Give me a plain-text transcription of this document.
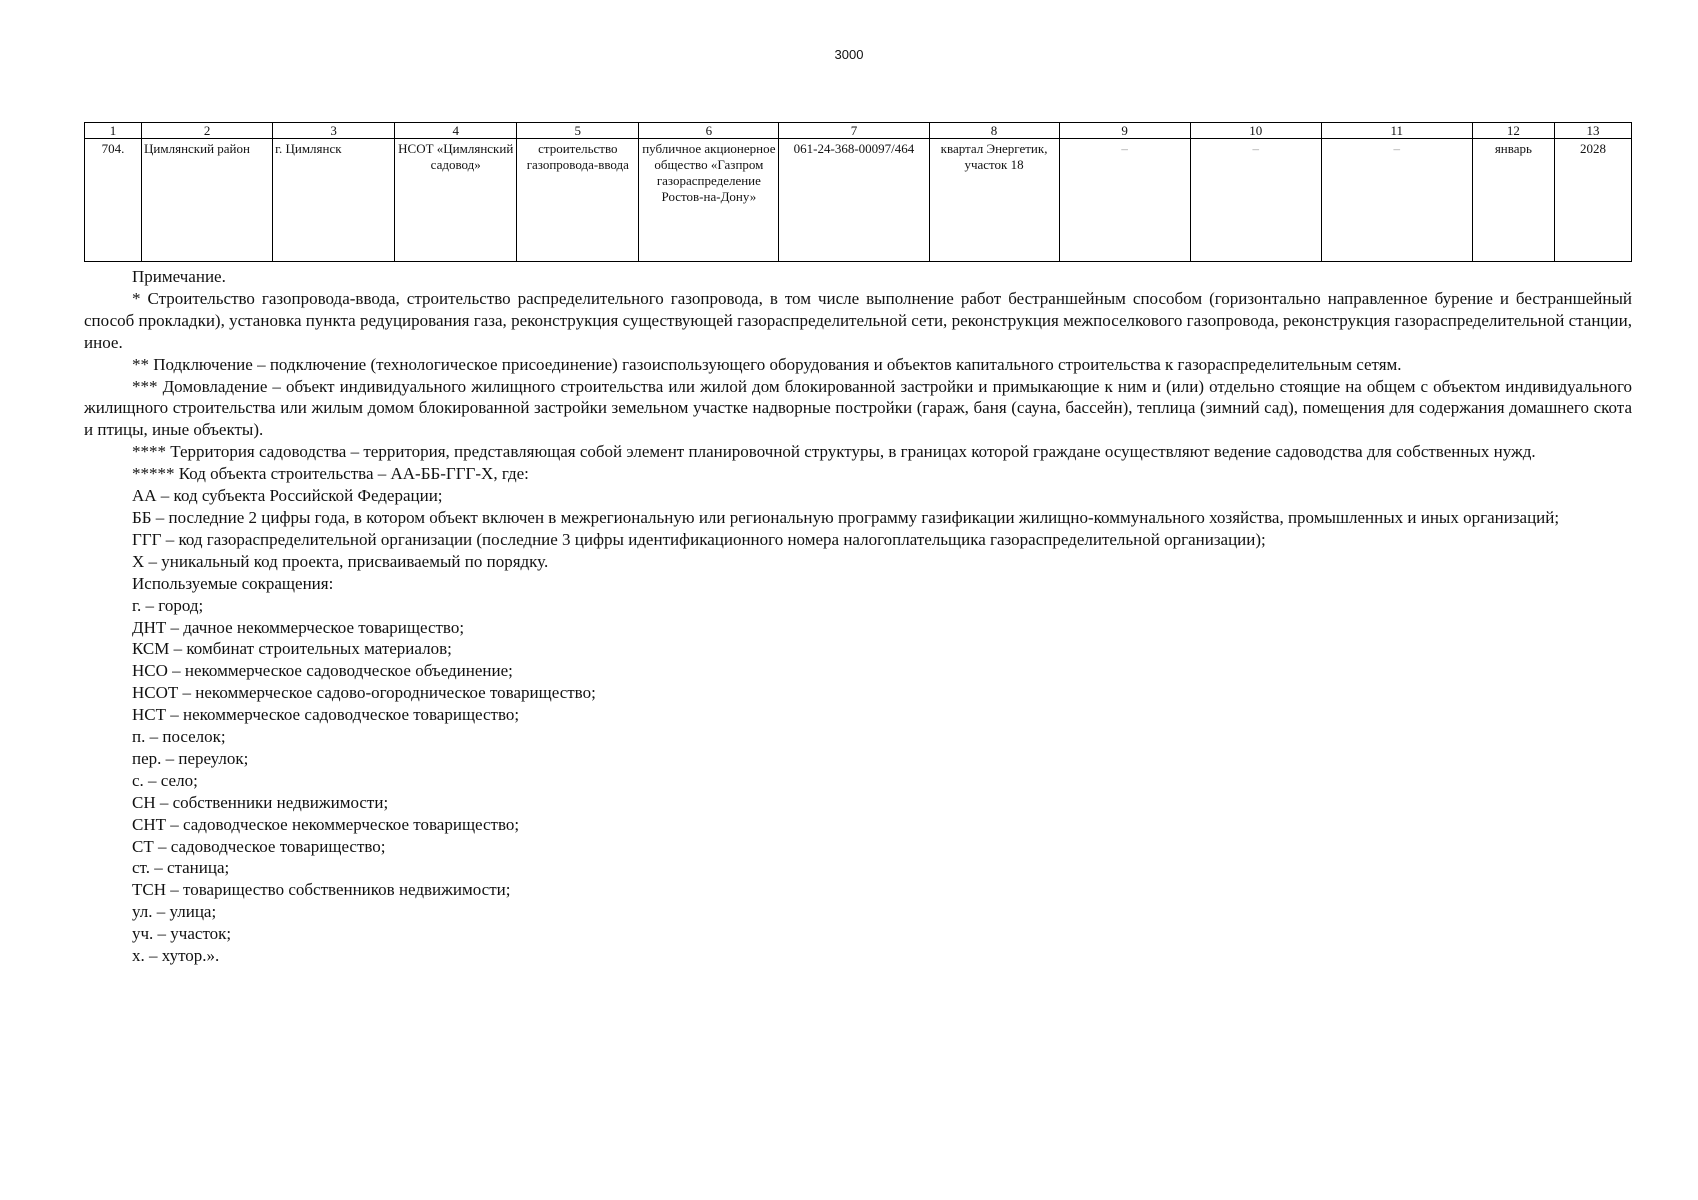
3000
1	2	3	4	5	6	7	8	9	10	11	12	13
704.	Цимлянский район	г. Цимлянск	НСОТ «Цимлянский садовод»	строительство газопровода-ввода	публичное акционерное общество «Газпром газораспределение Ростов-на-Дону»	061-24-368-00097/464	квартал Энергетик, участок 18	–	–	–	январь	2028

Примечание.

* Строительство газопровода-ввода, строительство распределительного газопровода, в том числе выполнение работ бестраншейным способом (горизонтально направленное бурение и бестраншейный способ прокладки), установка пункта редуцирования газа, реконструкция существующей газораспределительной сети, реконструкция межпоселкового газопровода, реконструкция газораспределительной станции, иное.

** Подключение – подключение (технологическое присоединение) газоиспользующего оборудования и объектов капитального строительства к газораспределительным сетям.

*** Домовладение – объект индивидуального жилищного строительства или жилой дом блокированной застройки и примыкающие к ним и (или) отдельно стоящие на общем с объектом индивидуального жилищного строительства или жилым домом блокированной застройки земельном участке надворные постройки (гараж, баня (сауна, бассейн), теплица (зимний сад), помещения для содержания домашнего скота и птицы, иные объекты).

**** Территория садоводства – территория, представляющая собой элемент планировочной структуры, в границах которой граждане осуществляют ведение садоводства для собственных нужд.

***** Код объекта строительства – АА-ББ-ГГГ-Х, где:

АА – код субъекта Российской Федерации;

ББ – последние 2 цифры года, в котором объект включен в межрегиональную или региональную программу газификации жилищно-коммунального хозяйства, промышленных и иных организаций;

ГГГ – код газораспределительной организации (последние 3 цифры идентификационного номера налогоплательщика газораспределительной организации);

Х – уникальный код проекта, присваиваемый по порядку.

Используемые сокращения:

г. – город;
ДНТ – дачное некоммерческое товарищество;
КСМ – комбинат строительных материалов;
НСО – некоммерческое садоводческое объединение;
НСОТ – некоммерческое садово-огородническое товарищество;
НСТ – некоммерческое садоводческое товарищество;
п. – поселок;
пер. – переулок;
с. – село;
СН – собственники недвижимости;
СНТ – садоводческое некоммерческое товарищество;
СТ – садоводческое товарищество;
ст. – станица;
ТСН – товарищество собственников недвижимости;
ул. – улица;
уч. – участок;
х. – хутор.».
